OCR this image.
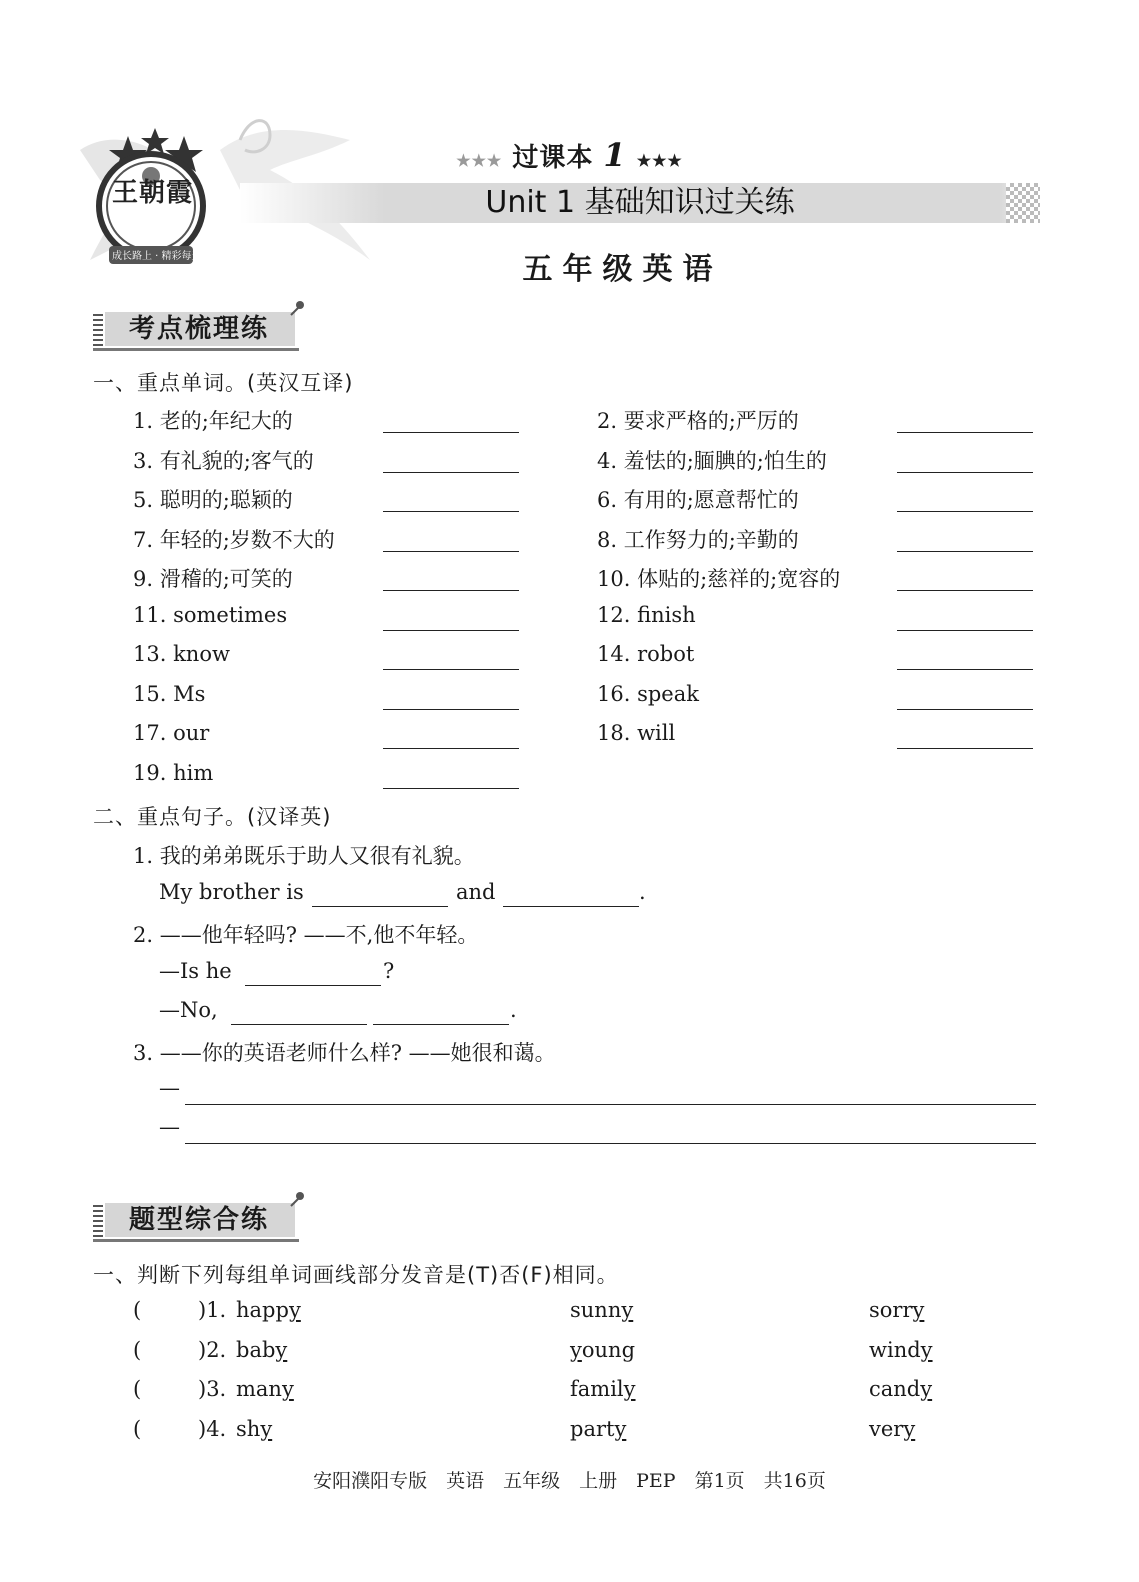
王朝霞
成长路上 · 精彩每天
★★★ 过课本 1 ★★★
Unit 1 基础知识过关练
五年级英语
考点梳理练
一、重点单词。(英汉互译)
1. 老的;年纪大的	2. 要求严格的;严厉的
3. 有礼貌的;客气的	4. 羞怯的;腼腆的;怕生的
5. 聪明的;聪颖的	6. 有用的;愿意帮忙的
7. 年轻的;岁数不大的	8. 工作努力的;辛勤的
9. 滑稽的;可笑的	10. 体贴的;慈祥的;宽容的
11. sometimes	12. finish
13. know	14. robot
15. Ms	16. speak
17. our	18. will
19. him
二、重点句子。(汉译英)
1. 我的弟弟既乐于助人又很有礼貌。
My brother is	and	.
2. ——他年轻吗? ——不,他不年轻。
—Is he	?
—No,	.
3. ——你的英语老师什么样? ——她很和蔼。
—
—
题型综合练
一、判断下列每组单词画线部分发音是(T)否(F)相同。
(	)1. happy	sunny	sorry
(	)2. baby	young	windy
(	)3. many	family	candy
(	)4. shy	party	very
安阳濮阳专版　英语　五年级　上册　PEP　第1页　共16页
